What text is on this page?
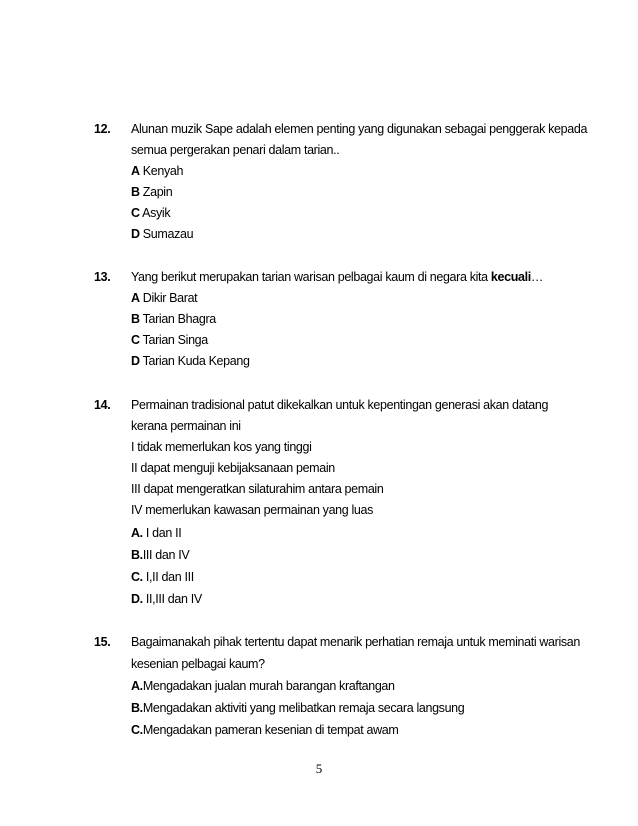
12. Alunan muzik Sape adalah elemen penting yang digunakan sebagai penggerak kepada
semua pergerakan penari dalam tarian..
A Kenyah
B Zapin
C Asyik
D Sumazau
13. Yang berikut merupakan tarian warisan pelbagai kaum di negara kita kecuali…
A Dikir Barat
B Tarian Bhagra
C Tarian Singa
D Tarian Kuda Kepang
14. Permainan tradisional patut dikekalkan untuk kepentingan generasi akan datang
kerana permainan ini
I tidak memerlukan kos yang tinggi
II dapat menguji kebijaksanaan pemain
III dapat mengeratkan silaturahim antara pemain
IV memerlukan kawasan permainan yang luas
A. I dan II
B.III dan IV
C. I,II dan III
D. II,III dan IV
15. Bagaimanakah pihak tertentu dapat menarik perhatian remaja untuk meminati warisan
kesenian pelbagai kaum?
A.Mengadakan jualan murah barangan kraftangan
B.Mengadakan aktiviti yang melibatkan remaja secara langsung
C.Mengadakan pameran kesenian di tempat awam
5
